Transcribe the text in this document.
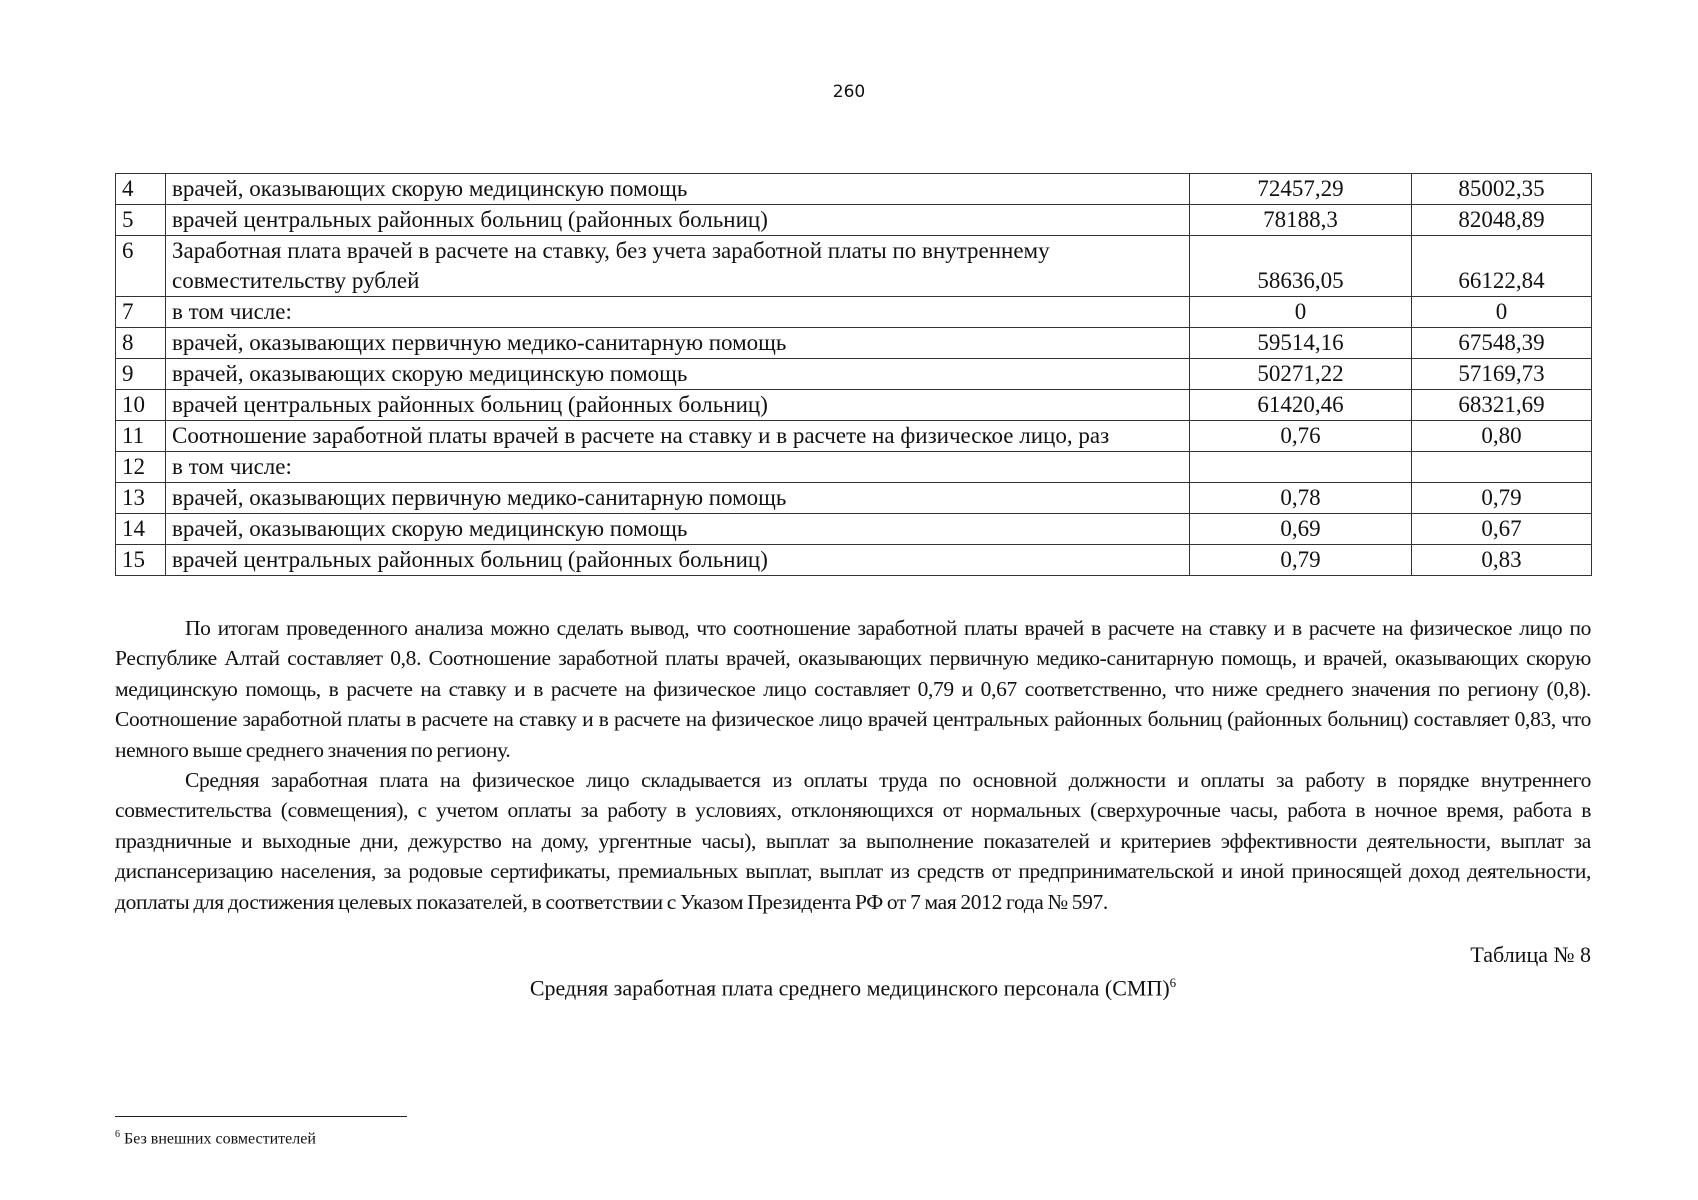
260
4	врачей, оказывающих скорую медицинскую помощь	72457,29	85002,35
5	врачей центральных районных больниц (районных больниц)	78188,3	82048,89
6	Заработная плата врачей в расчете на ставку, без учета заработной платы по внутреннему совместительству рублей	58636,05	66122,84
7	в том числе:	0	0
8	врачей, оказывающих первичную медико-санитарную помощь	59514,16	67548,39
9	врачей, оказывающих скорую медицинскую помощь	50271,22	57169,73
10	врачей центральных районных больниц (районных больниц)	61420,46	68321,69
11	Соотношение заработной платы врачей в расчете на ставку и в расчете на физическое лицо, раз	0,76	0,80
12	в том числе:		
13	врачей, оказывающих первичную медико-санитарную помощь	0,78	0,79
14	врачей, оказывающих скорую медицинскую помощь	0,69	0,67
15	врачей центральных районных больниц (районных больниц)	0,79	0,83

По итогам проведенного анализа можно сделать вывод, что соотношение заработной платы врачей в расчете на ставку и в расчете на физическое лицо по Республике Алтай составляет 0,8. Соотношение заработной платы врачей, оказывающих первичную медико-санитарную помощь, и врачей, оказывающих скорую медицинскую помощь, в расчете на ставку и в расчете на физическое лицо составляет 0,79 и 0,67 соответственно, что ниже среднего значения по региону (0,8). Соотношение заработной платы в расчете на ставку и в расчете на физическое лицо врачей центральных районных больниц (районных больниц) составляет 0,83, что немного выше среднего значения по региону.

Средняя заработная плата на физическое лицо складывается из оплаты труда по основной должности и оплаты за работу в порядке внутреннего совместительства (совмещения), с учетом оплаты за работу в условиях, отклоняющихся от нормальных (сверхурочные часы, работа в ночное время, работа в праздничные и выходные дни, дежурство на дому, ургентные часы), выплат за выполнение показателей и критериев эффективности деятельности, выплат за диспансеризацию населения, за родовые сертификаты, премиальных выплат, выплат из средств от предпринимательской и иной приносящей доход деятельности, доплаты для достижения целевых показателей, в соответствии с Указом Президента РФ от 7 мая 2012 года № 597.

Таблица № 8
Средняя заработная плата среднего медицинского персонала (СМП)$^6$
$^6$ Без внешних совместителей
